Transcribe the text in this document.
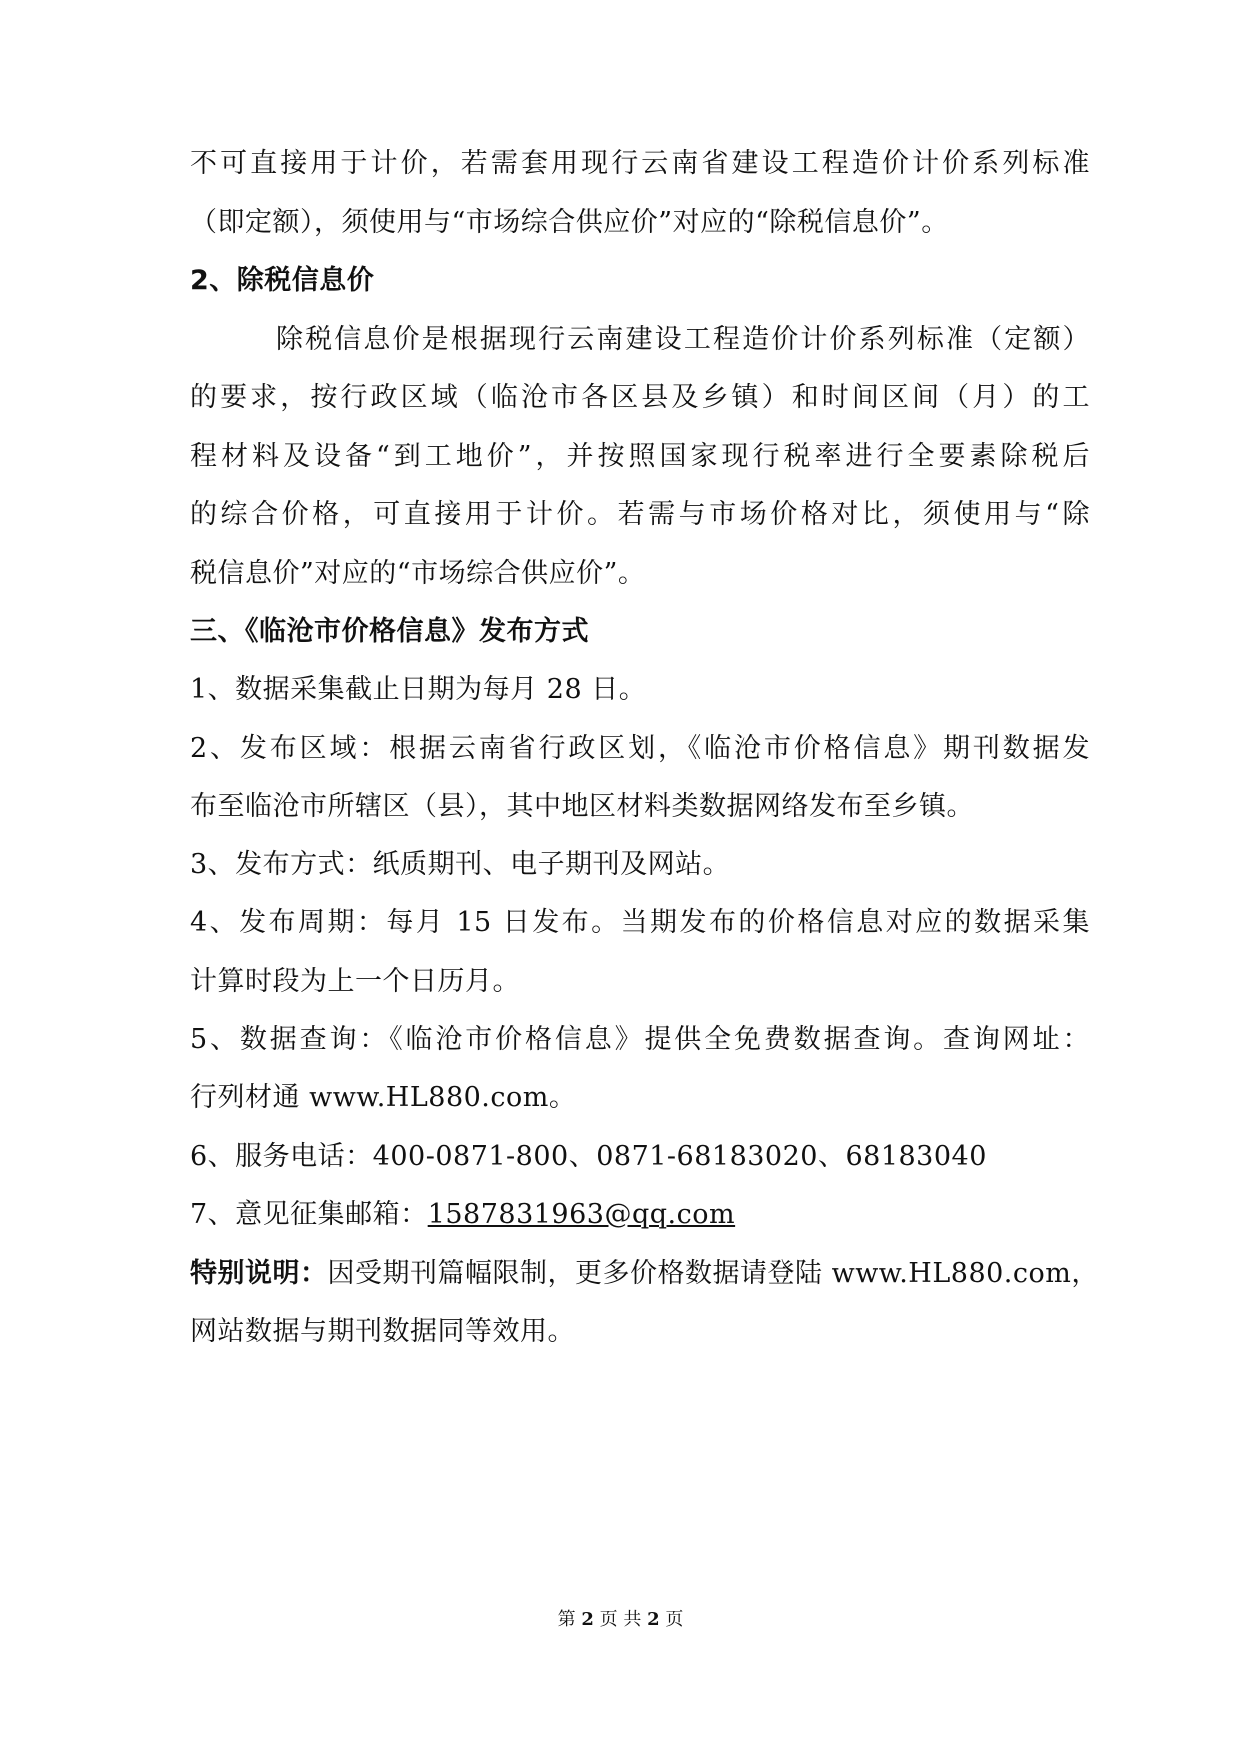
不可直接用于计价，若需套用现行云南省建设工程造价计价系列标准
（即定额），须使用与“市场综合供应价”对应的“除税信息价”。
2、除税信息价
除税信息价是根据现行云南建设工程造价计价系列标准（定额）
的要求，按行政区域（临沧市各区县及乡镇）和时间区间（月）的工
程材料及设备“到工地价”，并按照国家现行税率进行全要素除税后
的综合价格，可直接用于计价。若需与市场价格对比，须使用与“除
税信息价”对应的“市场综合供应价”。
三、《临沧市价格信息》发布方式
1、数据采集截止日期为每月 28 日。
2、发布区域：根据云南省行政区划，《临沧市价格信息》期刊数据发
布至临沧市所辖区（县），其中地区材料类数据网络发布至乡镇。
3、发布方式：纸质期刊、电子期刊及网站。
4、发布周期：每月 15 日发布。当期发布的价格信息对应的数据采集
计算时段为上一个日历月。
5、数据查询：《临沧市价格信息》提供全免费数据查询。查询网址：
行列材通 www.HL880.com。
6、服务电话：400-0871-800、0871-68183020、68183040
7、意见征集邮箱：1587831963@qq.com
特别说明：因受期刊篇幅限制，更多价格数据请登陆 www.HL880.com，
网站数据与期刊数据同等效用。
第 2 页 共 2 页
